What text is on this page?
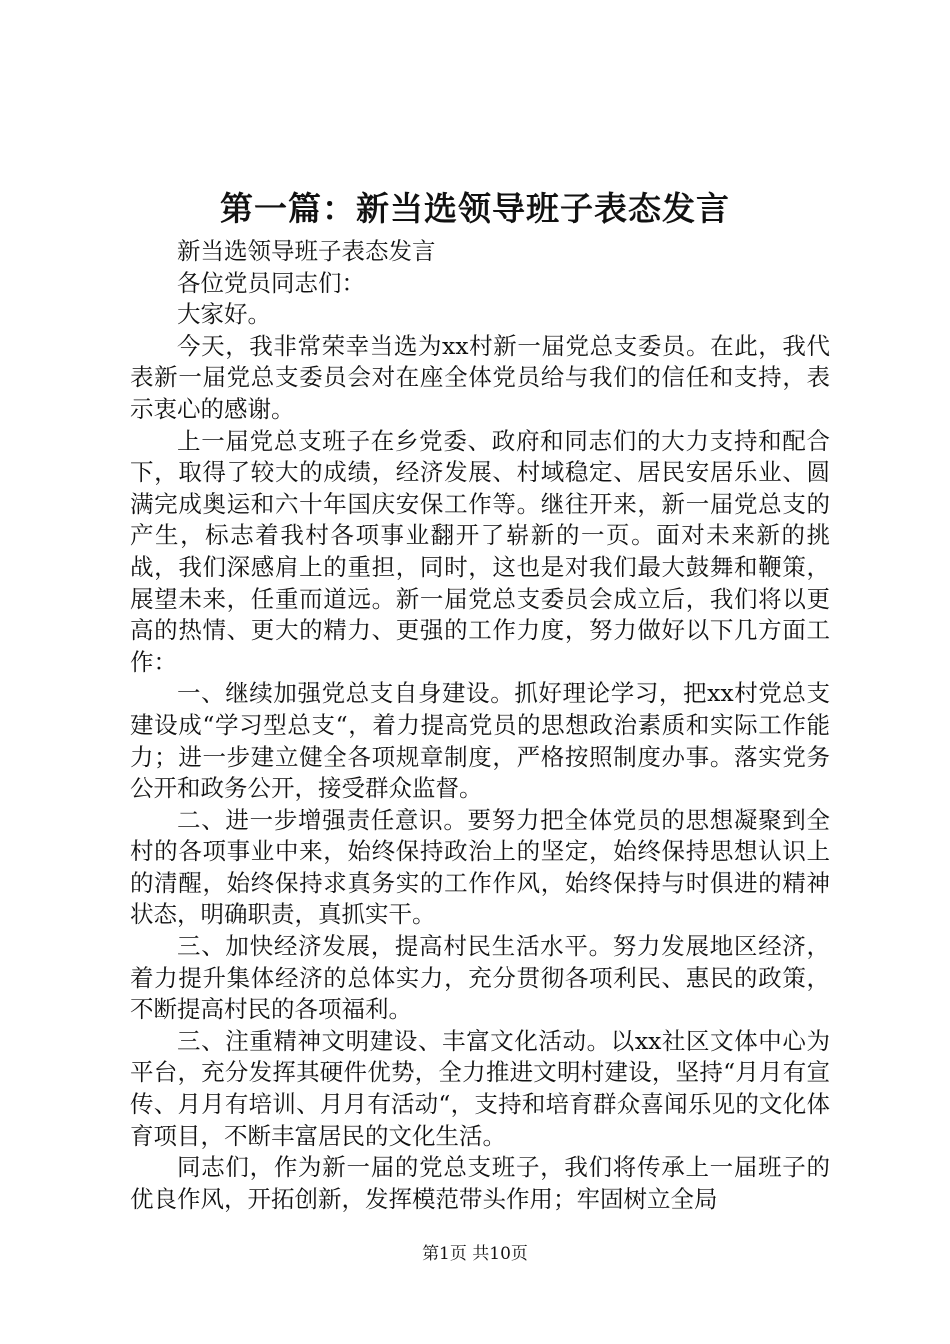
第一篇：新当选领导班子表态发言

新当选领导班子表态发言

各位党员同志们：

大家好。

今天，我非常荣幸当选为xx村新一届党总支委员。在此，我代表新一届党总支委员会对在座全体党员给与我们的信任和支持，表示衷心的感谢。

上一届党总支班子在乡党委、政府和同志们的大力支持和配合下，取得了较大的成绩，经济发展、村域稳定、居民安居乐业、圆满完成奥运和六十年国庆安保工作等。继往开来，新一届党总支的产生，标志着我村各项事业翻开了崭新的一页。面对未来新的挑战，我们深感肩上的重担，同时，这也是对我们最大鼓舞和鞭策，展望未来，任重而道远。新一届党总支委员会成立后，我们将以更高的热情、更大的精力、更强的工作力度，努力做好以下几方面工作：

一、继续加强党总支自身建设。抓好理论学习，把xx村党总支建设成“学习型总支“，着力提高党员的思想政治素质和实际工作能力；进一步建立健全各项规章制度，严格按照制度办事。落实党务公开和政务公开，接受群众监督。

二、进一步增强责任意识。要努力把全体党员的思想凝聚到全村的各项事业中来，始终保持政治上的坚定，始终保持思想认识上的清醒，始终保持求真务实的工作作风，始终保持与时俱进的精神状态，明确职责，真抓实干。

三、加快经济发展，提高村民生活水平。努力发展地区经济，着力提升集体经济的总体实力，充分贯彻各项利民、惠民的政策，不断提高村民的各项福利。

三、注重精神文明建设、丰富文化活动。以xx社区文体中心为平台，充分发挥其硬件优势，全力推进文明村建设，坚持“月月有宣传、月月有培训、月月有活动“，支持和培育群众喜闻乐见的文化体育项目，不断丰富居民的文化生活。

同志们，作为新一届的党总支班子，我们将传承上一届班子的优良作风，开拓创新，发挥模范带头作用；牢固树立全局

第1页 共10页
